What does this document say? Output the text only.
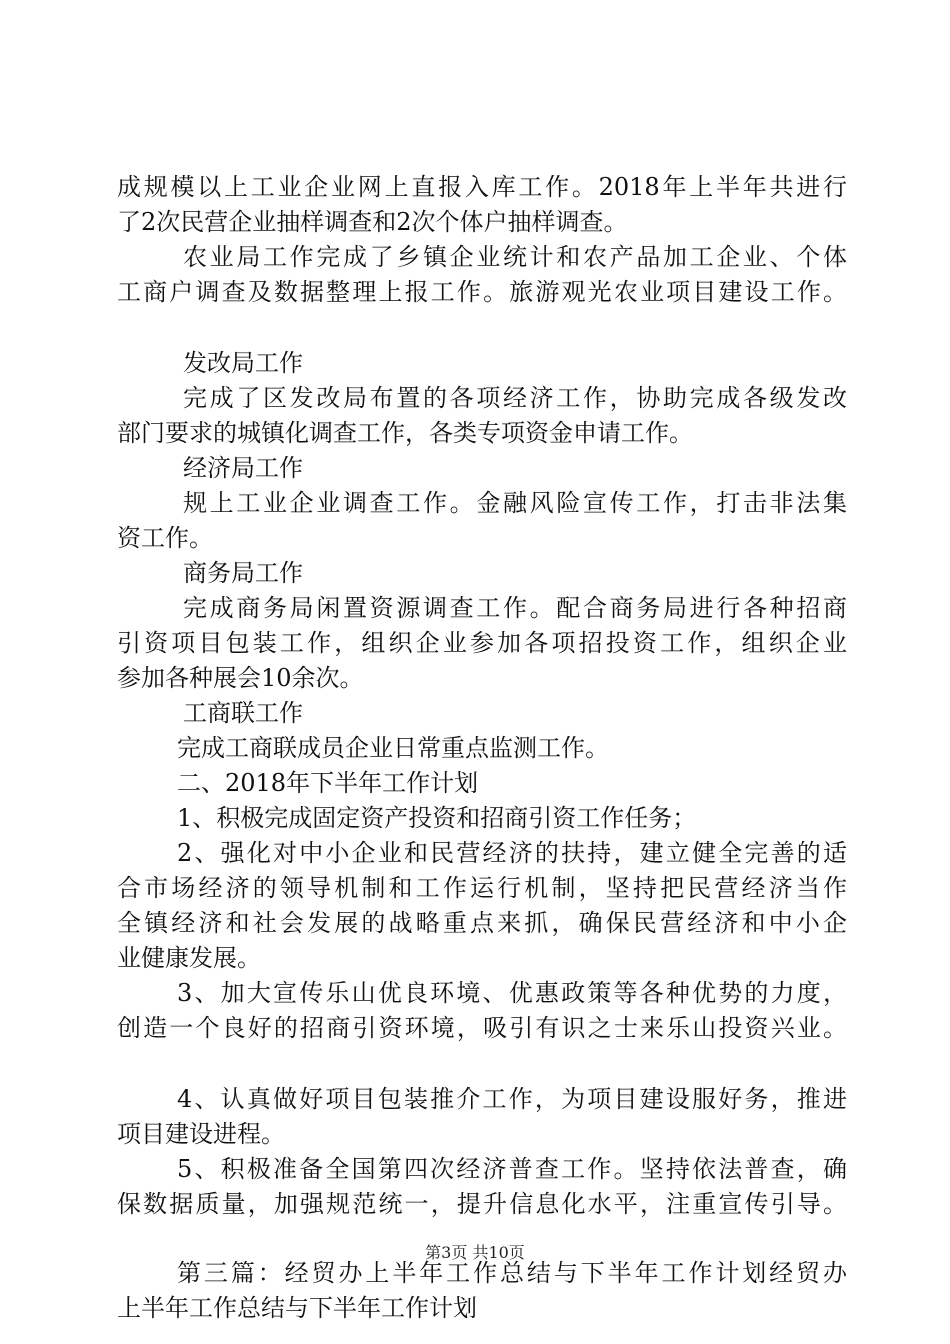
成规模以上工业企业网上直报入库工作。2018年上半年共进行
了2次民营企业抽样调查和2次个体户抽样调查。
农业局工作完成了乡镇企业统计和农产品加工企业、个体
工商户调查及数据整理上报工作。旅游观光农业项目建设工作。
发改局工作
完成了区发改局布置的各项经济工作，协助完成各级发改
部门要求的城镇化调查工作，各类专项资金申请工作。
经济局工作
规上工业企业调查工作。金融风险宣传工作，打击非法集
资工作。
商务局工作
完成商务局闲置资源调查工作。配合商务局进行各种招商
引资项目包装工作，组织企业参加各项招投资工作，组织企业
参加各种展会10余次。
工商联工作
完成工商联成员企业日常重点监测工作。
二、2018年下半年工作计划
1、积极完成固定资产投资和招商引资工作任务；
2、强化对中小企业和民营经济的扶持，建立健全完善的适
合市场经济的领导机制和工作运行机制，坚持把民营经济当作
全镇经济和社会发展的战略重点来抓，确保民营经济和中小企
业健康发展。
3、加大宣传乐山优良环境、优惠政策等各种优势的力度，
创造一个良好的招商引资环境，吸引有识之士来乐山投资兴业。
4、认真做好项目包装推介工作，为项目建设服好务，推进
项目建设进程。
5、积极准备全国第四次经济普查工作。坚持依法普查，确
保数据质量，加强规范统一，提升信息化水平，注重宣传引导。
第三篇：经贸办上半年工作总结与下半年工作计划经贸办
上半年工作总结与下半年工作计划
第3页 共10页
